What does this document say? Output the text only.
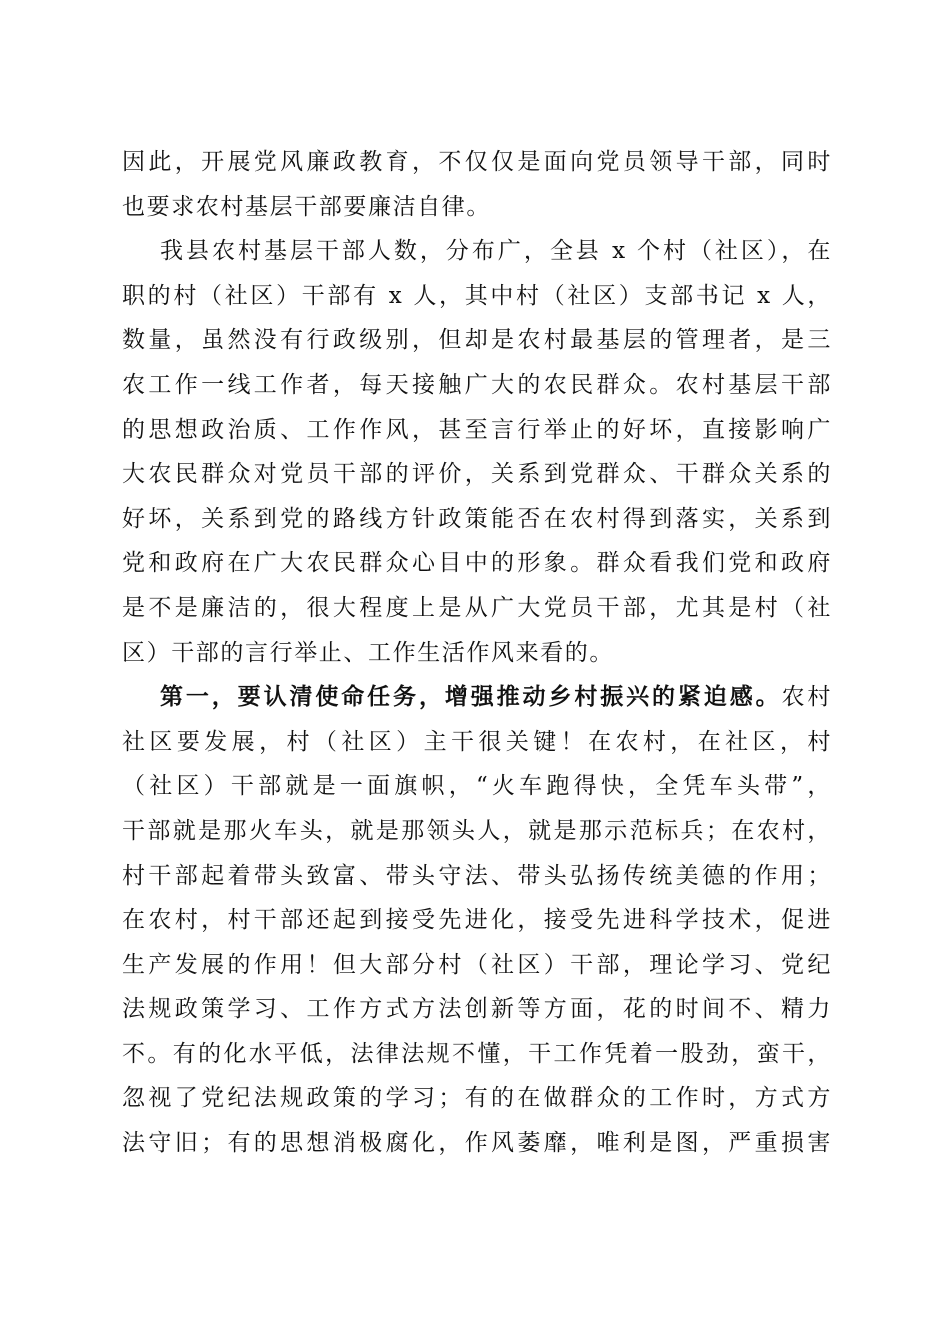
因此，开展党风廉政教育，不仅仅是面向党员领导干部，同时
也要求农村基层干部要廉洁自律。
我县农村基层干部人数，分布广，全县 x 个村（社区），在
职的村（社区）干部有 x 人，其中村（社区）支部书记 x 人，
数量，虽然没有行政级别，但却是农村最基层的管理者，是三
农工作一线工作者，每天接触广大的农民群众。农村基层干部
的思想政治质、工作作风，甚至言行举止的好坏，直接影响广
大农民群众对党员干部的评价，关系到党群众、干群众关系的
好坏，关系到党的路线方针政策能否在农村得到落实，关系到
党和政府在广大农民群众心目中的形象。群众看我们党和政府
是不是廉洁的，很大程度上是从广大党员干部，尤其是村（社
区）干部的言行举止、工作生活作风来看的。
第一，要认清使命任务，增强推动乡村振兴的紧迫感。农村
社区要发展，村（社区）主干很关键！在农村，在社区，村
（社区）干部就是一面旗帜，“火车跑得快，全凭车头带”，
干部就是那火车头，就是那领头人，就是那示范标兵；在农村，
村干部起着带头致富、带头守法、带头弘扬传统美德的作用；
在农村，村干部还起到接受先进化，接受先进科学技术，促进
生产发展的作用！但大部分村（社区）干部，理论学习、党纪
法规政策学习、工作方式方法创新等方面，花的时间不、精力
不。有的化水平低，法律法规不懂，干工作凭着一股劲，蛮干，
忽视了党纪法规政策的学习；有的在做群众的工作时，方式方
法守旧；有的思想消极腐化，作风萎靡，唯利是图，严重损害
